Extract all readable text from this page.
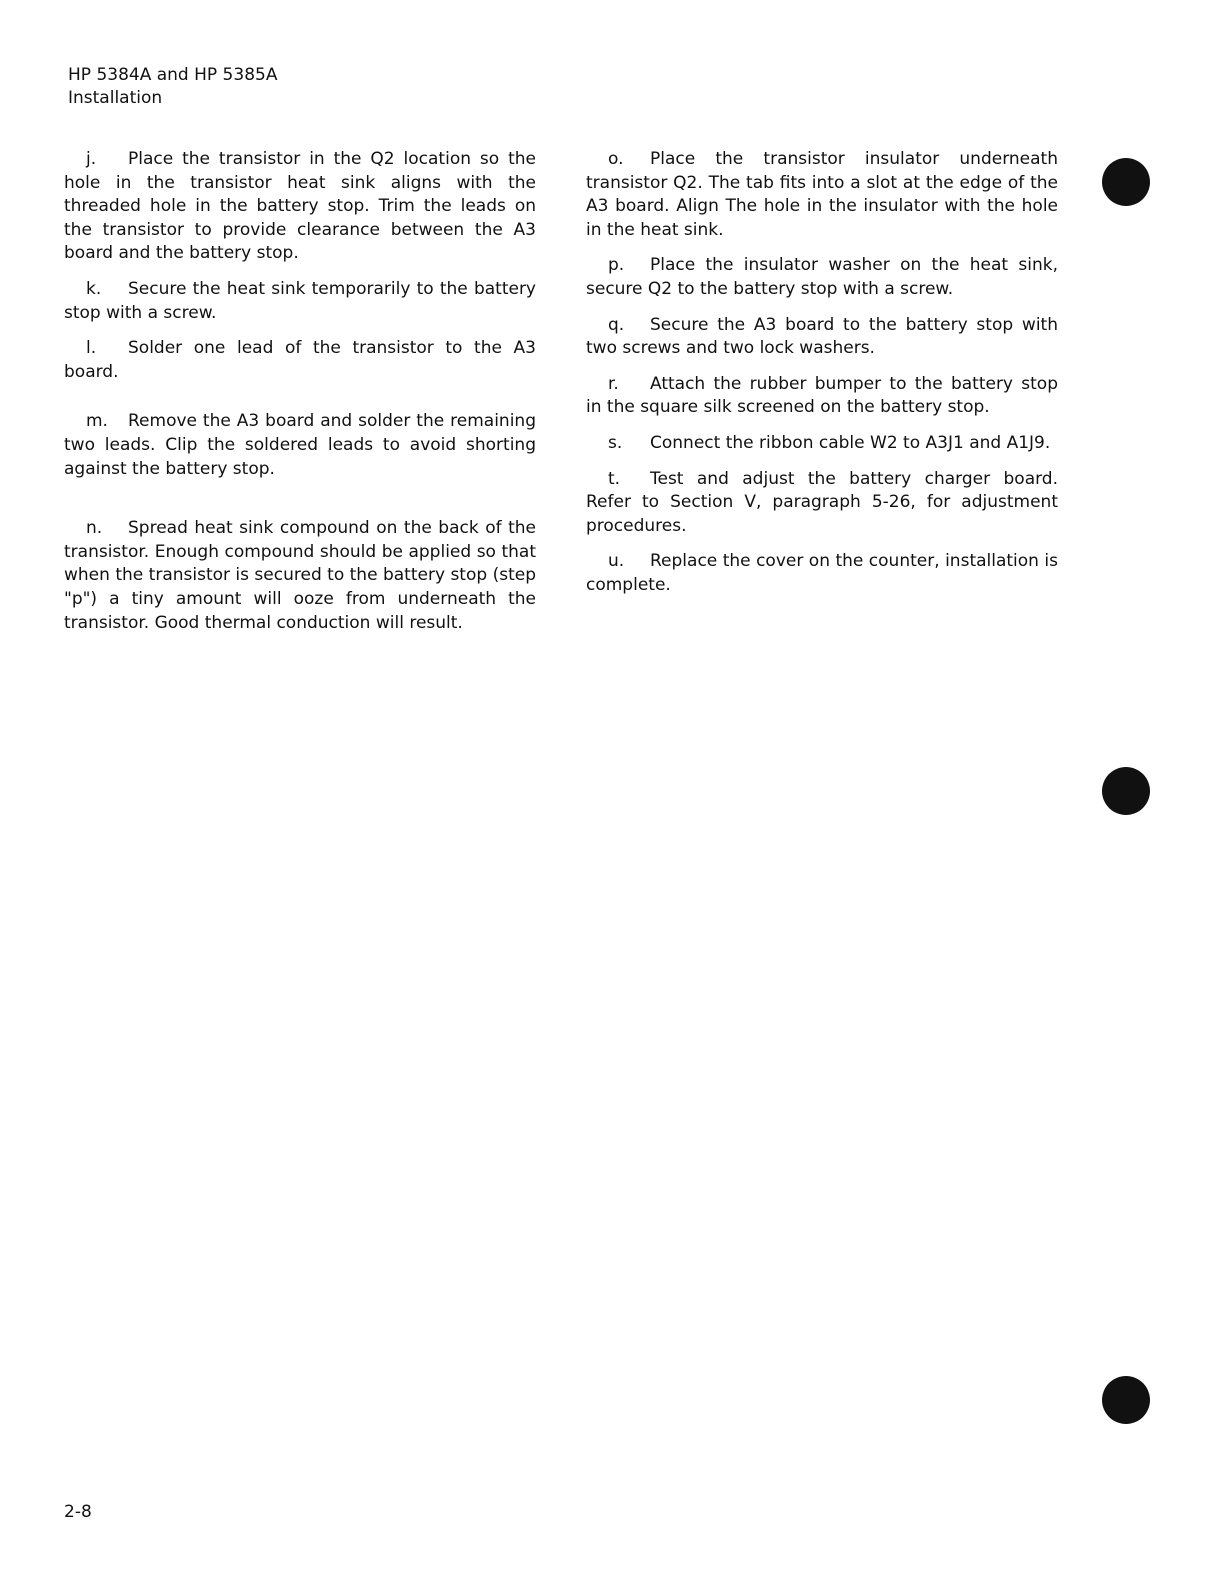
HP 5384A and HP 5385A
Installation

j. Place the transistor in the Q2 location so the hole in the transistor heat sink aligns with the threaded hole in the battery stop. Trim the leads on the transistor to provide clearance between the A3 board and the battery stop.

k. Secure the heat sink temporarily to the battery stop with a screw.

l. Solder one lead of the transistor to the A3 board.

m. Remove the A3 board and solder the remaining two leads. Clip the soldered leads to avoid shorting against the battery stop.

n. Spread heat sink compound on the back of the transistor. Enough compound should be applied so that when the transistor is secured to the battery stop (step "p") a tiny amount will ooze from underneath the transistor. Good thermal conduction will result.

o. Place the transistor insulator underneath transistor Q2. The tab fits into a slot at the edge of the A3 board. Align The hole in the insulator with the hole in the heat sink.

p. Place the insulator washer on the heat sink, secure Q2 to the battery stop with a screw.

q. Secure the A3 board to the battery stop with two screws and two lock washers.

r. Attach the rubber bumper to the battery stop in the square silk screened on the battery stop.

s. Connect the ribbon cable W2 to A3J1 and A1J9.

t. Test and adjust the battery charger board. Refer to Section V, paragraph 5-26, for adjustment procedures.

u. Replace the cover on the counter, installation is complete.

2-8
